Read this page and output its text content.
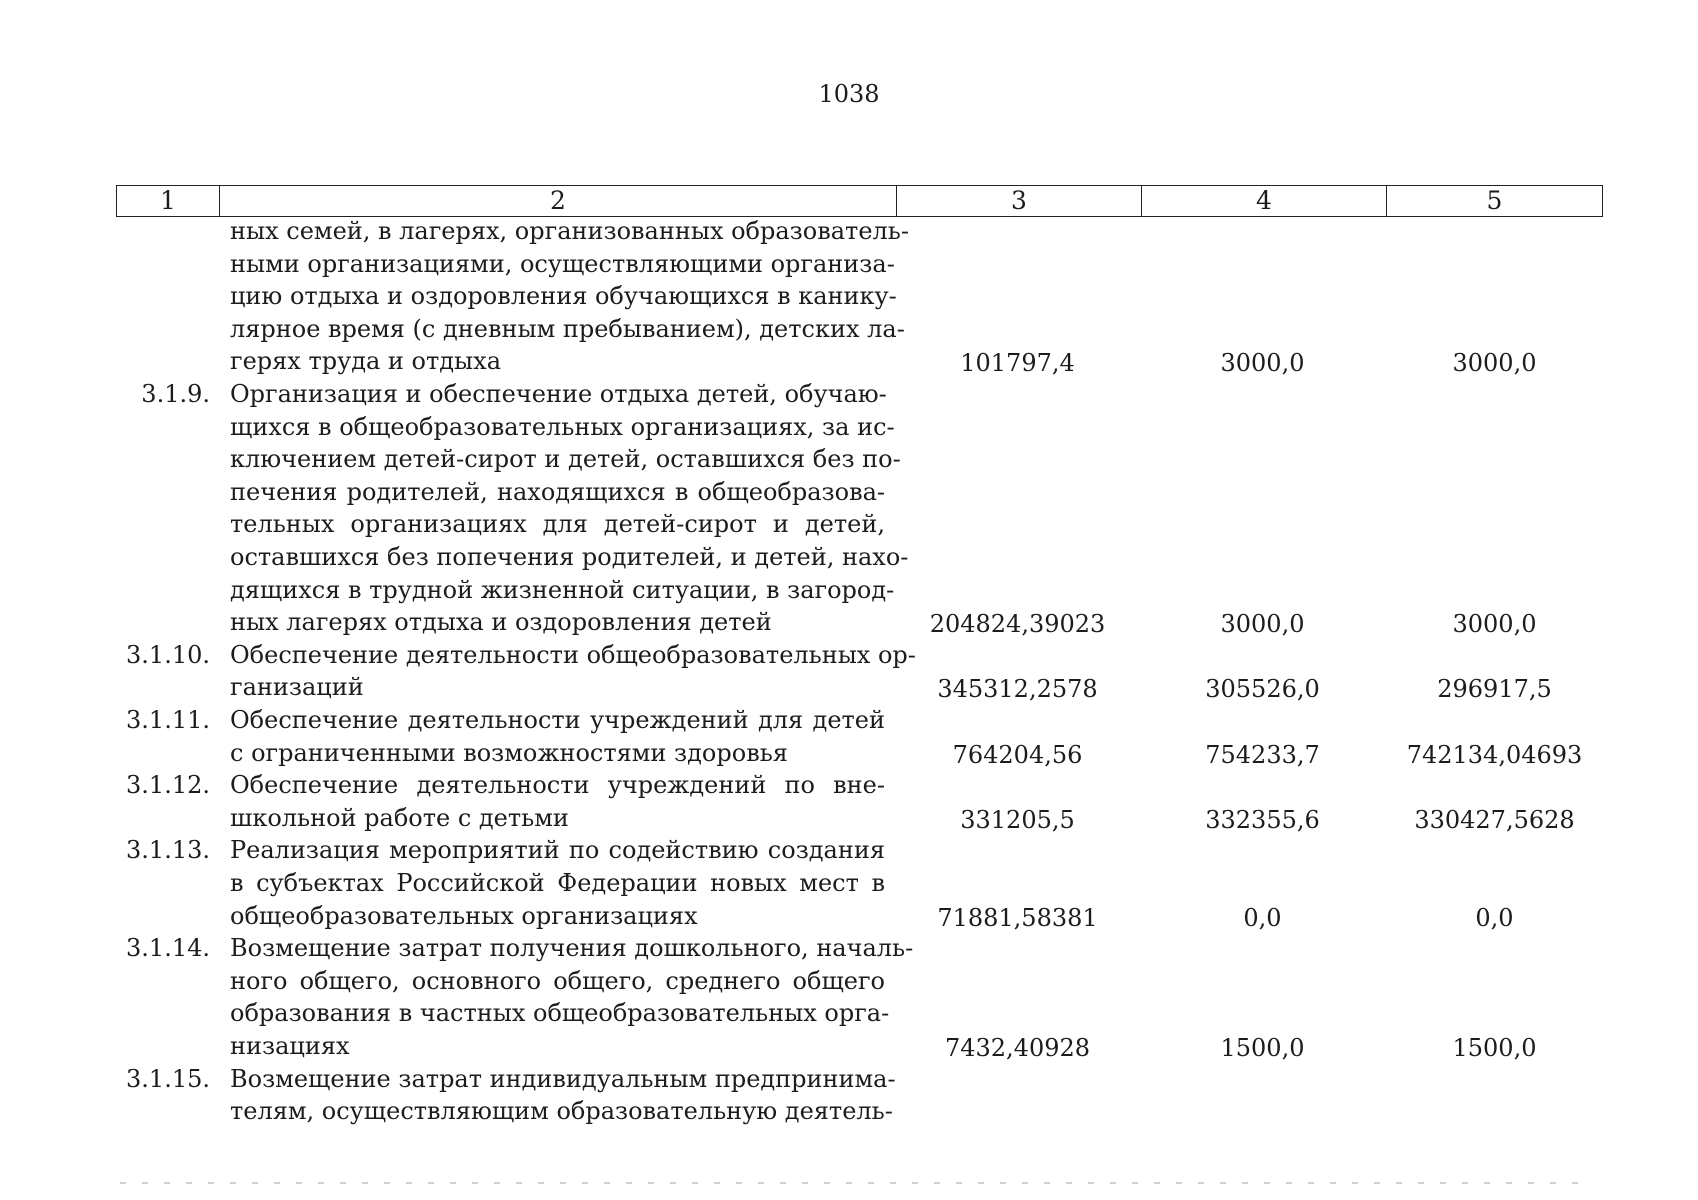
1038
1	2	3	4	5
ных семей, в лагерях, организованных образователь-
ными организациями, осуществляющими организа-
цию отдыха и оздоровления обучающихся в канику-
лярное время (с дневным пребыванием), детских ла-
герях труда и отдыха	101797,4	3000,0	3000,0
3.1.9. Организация и обеспечение отдыха детей, обучаю-
щихся в общеобразовательных организациях, за ис-
ключением детей-сирот и детей, оставшихся без по-
печения родителей, находящихся в общеобразова-
тельных организациях для детей-сирот и детей,
оставшихся без попечения родителей, и детей, нахо-
дящихся в трудной жизненной ситуации, в загород-
ных лагерях отдыха и оздоровления детей	204824,39023	3000,0	3000,0
3.1.10. Обеспечение деятельности общеобразовательных ор-
ганизаций	345312,2578	305526,0	296917,5
3.1.11. Обеспечение деятельности учреждений для детей
с ограниченными возможностями здоровья	764204,56	754233,7	742134,04693
3.1.12. Обеспечение деятельности учреждений по вне-
школьной работе с детьми	331205,5	332355,6	330427,5628
3.1.13. Реализация мероприятий по содействию создания
в субъектах Российской Федерации новых мест в
общеобразовательных организациях	71881,58381	0,0	0,0
3.1.14. Возмещение затрат получения дошкольного, началь-
ного общего, основного общего, среднего общего
образования в частных общеобразовательных орга-
низациях	7432,40928	1500,0	1500,0
3.1.15. Возмещение затрат индивидуальным предпринима-
телям, осуществляющим образовательную деятель-
